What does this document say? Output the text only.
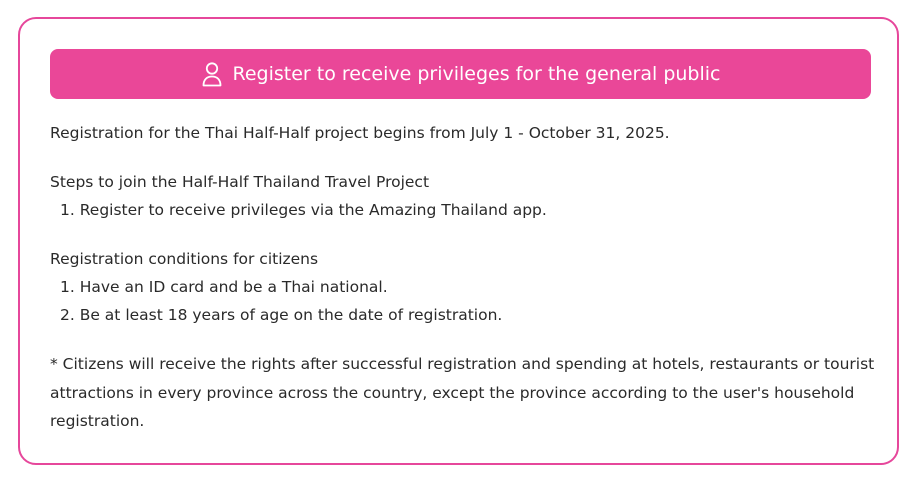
Register to receive privileges for the general public

Registration for the Thai Half-Half project begins from July 1 - October 31, 2025.

Steps to join the Half-Half Thailand Travel Project
1. Register to receive privileges via the Amazing Thailand app.
Registration conditions for citizens
1. Have an ID card and be a Thai national.
2. Be at least 18 years of age on the date of registration.

* Citizens will receive the rights after successful registration and spending at hotels, restaurants or tourist attractions in every province across the country, except the province according to the user's household registration.
